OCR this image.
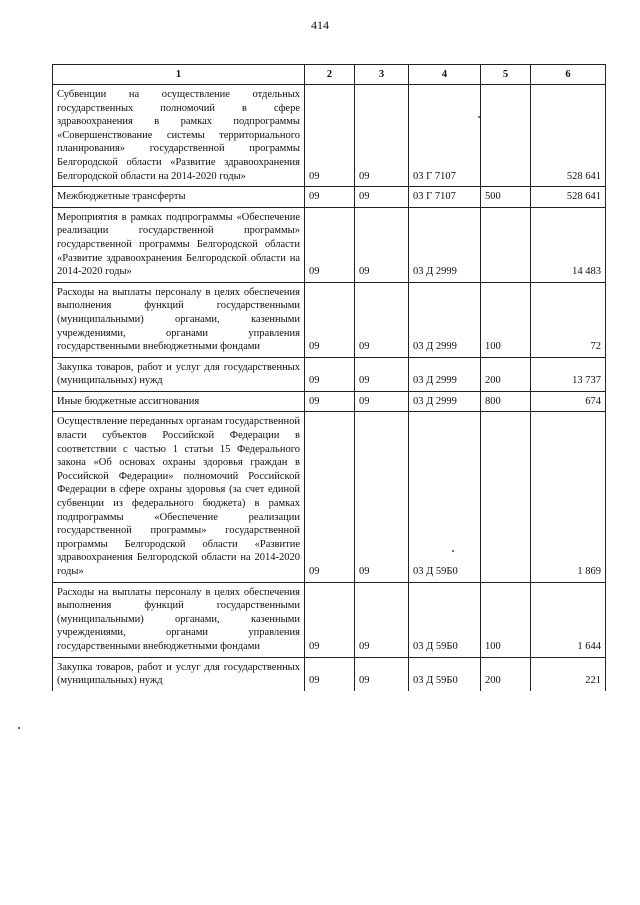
414
1	2	3	4	5	6
Субвенции на осуществление отдельных государственных полномочий в сфере здравоохранения в рамках подпрограммы «Совершенствование системы территориального планирования» государственной программы Белгородской области «Развитие здравоохранения Белгородской области на 2014-2020 годы»	09	09	03 Г 7107		528 641
Межбюджетные трансферты	09	09	03 Г 7107	500	528 641
Мероприятия в рамках подпрограммы «Обеспечение реализации государственной программы» государственной программы Белгородской области «Развитие здравоохранения Белгородской области на 2014-2020 годы»	09	09	03 Д 2999		14 483
Расходы на выплаты персоналу в целях обеспечения выполнения функций государственными (муниципальными) органами, казенными учреждениями, органами управления государственными внебюджетными фондами	09	09	03 Д 2999	100	72
Закупка товаров, работ и услуг для государственных (муниципальных) нужд	09	09	03 Д 2999	200	13 737
Иные бюджетные ассигнования	09	09	03 Д 2999	800	674
Осуществление переданных органам государственной власти субъектов Российской Федерации в соответствии с частью 1 статьи 15 Федерального закона «Об основах охраны здоровья граждан в Российской Федерации» полномочий Российской Федерации в сфере охраны здоровья (за счет единой субвенции из федерального бюджета) в рамках подпрограммы «Обеспечение реализации государственной программы» государственной программы Белгородской области «Развитие здравоохранения Белгородской области на 2014-2020 годы»	09	09	03 Д 59Б0		1 869
Расходы на выплаты персоналу в целях обеспечения выполнения функций государственными (муниципальными) органами, казенными учреждениями, органами управления государственными внебюджетными фондами	09	09	03 Д 59Б0	100	1 644
Закупка товаров, работ и услуг для государственных (муниципальных) нужд	09	09	03 Д 59Б0	200	221
